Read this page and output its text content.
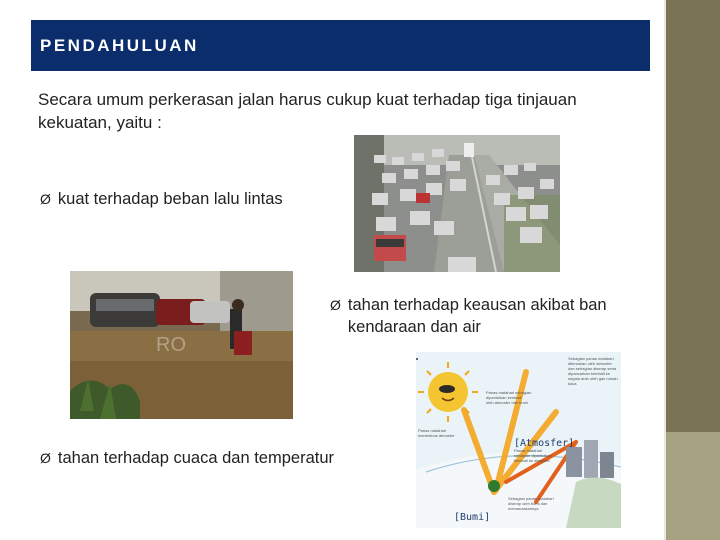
PENDAHULUAN

Secara umum perkerasan jalan harus cukup kuat terhadap tiga tinjauan kekuatan, yaitu :

Ø kuat terhadap beban lalu lintas
RO
Ø tahan terhadap keausan akibat ban kendaraan dan air
Sebagian panas matahari
diteruskan oleh atmosfer
dan sebagian diserap serta
dipancarkan kembali ke
segala arah oleh gas rumah
kaca
Panas matahari sebagian
dipantulkan kembali
oleh atmosfer dan bumi
Panas matahari
menembus atmosfer
Panas matahari
sebagian dipantulkan
kembali ke atmosfer
Sebagian panas matahari
diserap oleh bumi dan
memanaskannya
[Atmosfer]
[Bumi]
Ø tahan terhadap cuaca dan temperatur
